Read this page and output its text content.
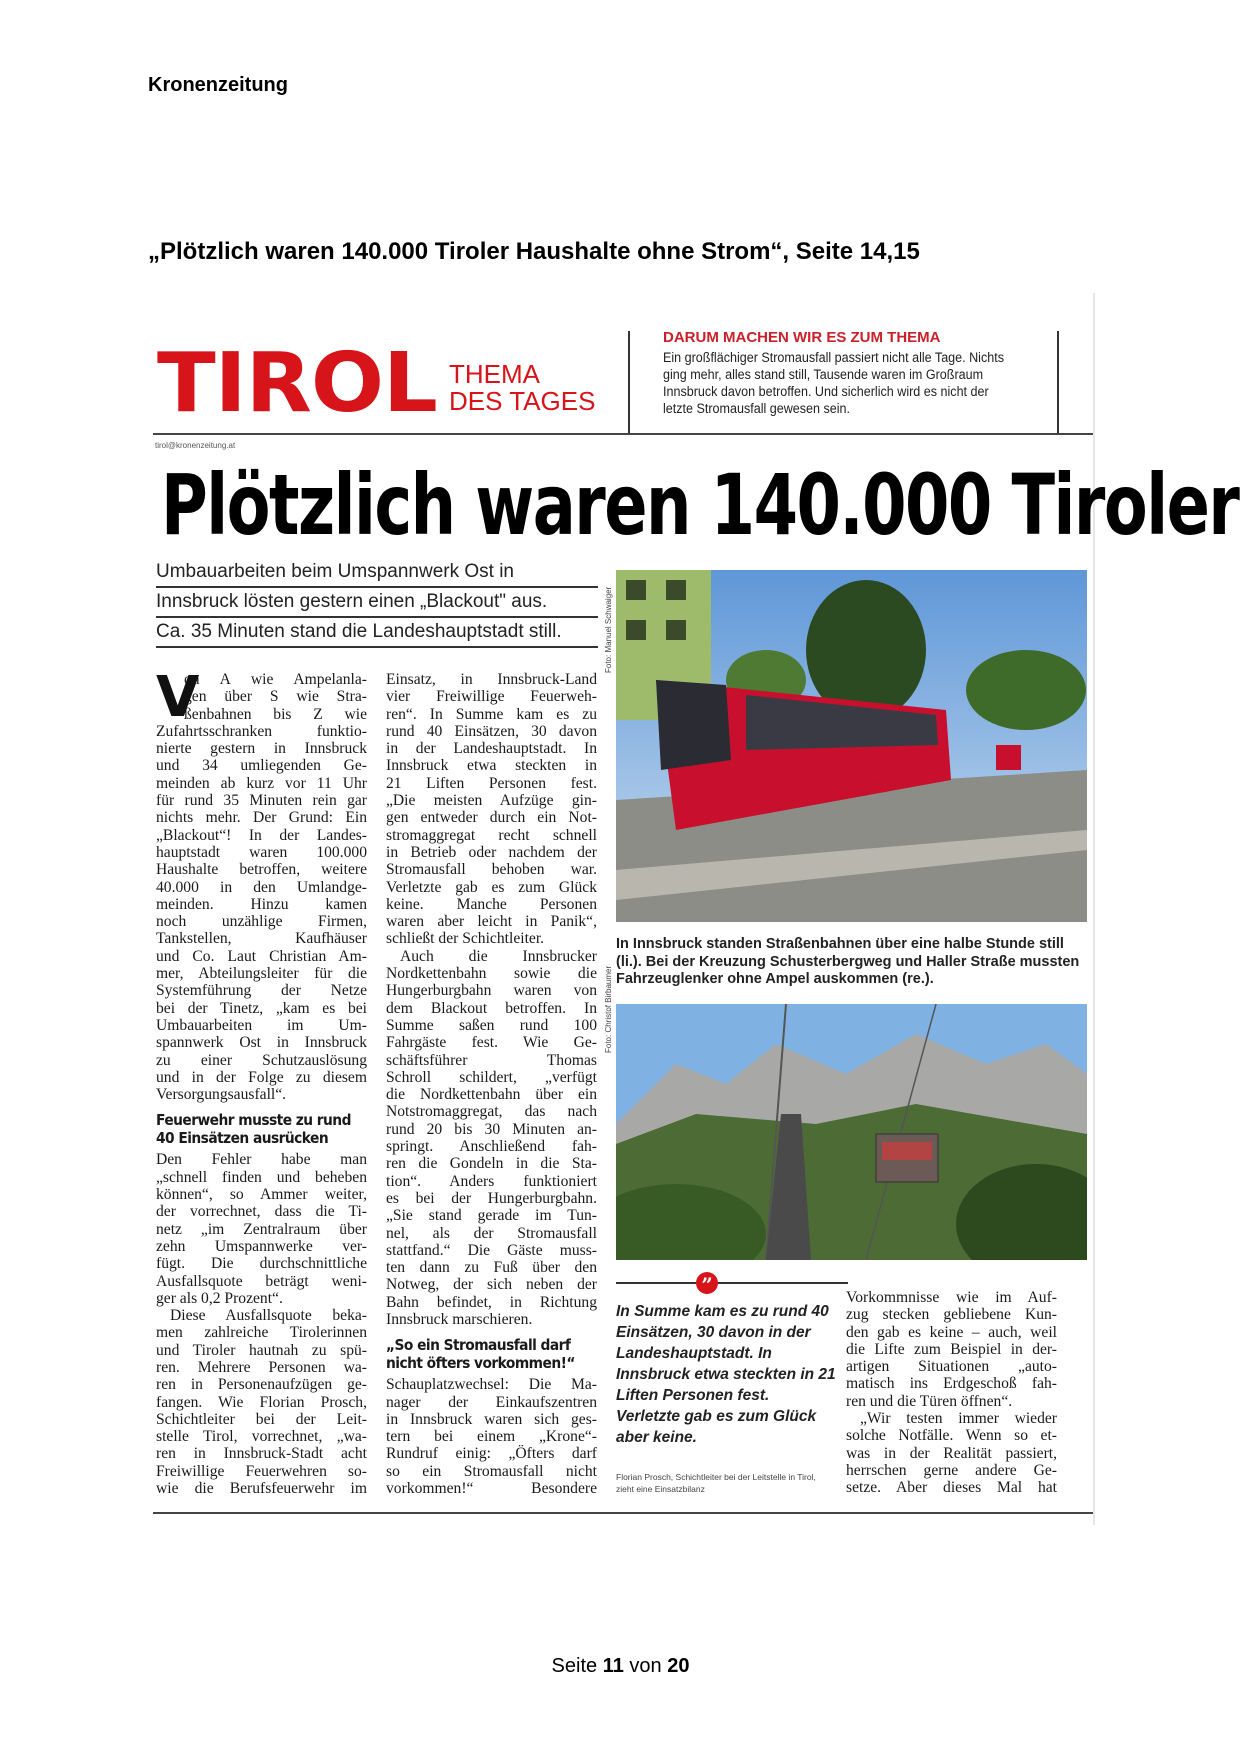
Kronenzeitung
„Plötzlich waren 140.000 Tiroler Haushalte ohne Strom“, Seite 14,15
TIROL THEMA
DES TAGES
DARUM MACHEN WIR ES ZUM THEMA
Ein großflächiger Stromausfall passiert nicht alle Tage. Nichts ging mehr, alles stand still, Tausende waren im Großraum Innsbruck davon betroffen. Und sicherlich wird es nicht der letzte Stromausfall gewesen sein.
tirol@kronenzeitung.at
Plötzlich waren 140.000 Tiroler
Umbauarbeiten beim Umspannwerk Ost in
Innsbruck lösten gestern einen „Blackout" aus.
Ca. 35 Minuten stand die Landeshauptstadt still.
V
on A wie Ampelanla-
gen über S wie Stra-
ßenbahnen bis Z wie
Zufahrtsschranken funktio-
nierte gestern in Innsbruck
und 34 umliegenden Ge-
meinden ab kurz vor 11 Uhr
für rund 35 Minuten rein gar
nichts mehr. Der Grund: Ein
„Blackout“! In der Landes-
hauptstadt waren 100.000
Haushalte betroffen, weitere
40.000 in den Umlandge-
meinden. Hinzu kamen
noch unzählige Firmen,
Tankstellen, Kaufhäuser
und Co. Laut Christian Am-
mer, Abteilungsleiter für die
Systemführung der Netze
bei der Tinetz, „kam es bei
Umbauarbeiten im Um-
spannwerk Ost in Innsbruck
zu einer Schutzauslösung
und in der Folge zu diesem
Versorgungsausfall“.
Feuerwehr musste zu rund
40 Einsätzen ausrücken
Den Fehler habe man
„schnell finden und beheben
können“, so Ammer weiter,
der vorrechnet, dass die Ti-
netz „im Zentralraum über
zehn Umspannwerke ver-
fügt. Die durchschnittliche
Ausfallsquote beträgt weni-
ger als 0,2 Prozent“.
Diese Ausfallsquote beka-
men zahlreiche Tirolerinnen
und Tiroler hautnah zu spü-
ren. Mehrere Personen wa-
ren in Personenaufzügen ge-
fangen. Wie Florian Prosch,
Schichtleiter bei der Leit-
stelle Tirol, vorrechnet, „wa-
ren in Innsbruck-Stadt acht
Freiwillige Feuerwehren so-
wie die Berufsfeuerwehr im
Einsatz, in Innsbruck-Land
vier Freiwillige Feuerweh-
ren“. In Summe kam es zu
rund 40 Einsätzen, 30 davon
in der Landeshauptstadt. In
Innsbruck etwa steckten in
21 Liften Personen fest.
„Die meisten Aufzüge gin-
gen entweder durch ein Not-
stromaggregat recht schnell
in Betrieb oder nachdem der
Stromausfall behoben war.
Verletzte gab es zum Glück
keine. Manche Personen
waren aber leicht in Panik“,
schließt der Schichtleiter.
Auch die Innsbrucker
Nordkettenbahn sowie die
Hungerburgbahn waren von
dem Blackout betroffen. In
Summe saßen rund 100
Fahrgäste fest. Wie Ge-
schäftsführer Thomas
Schroll schildert, „verfügt
die Nordkettenbahn über ein
Notstromaggregat, das nach
rund 20 bis 30 Minuten an-
springt. Anschließend fah-
ren die Gondeln in die Sta-
tion“. Anders funktioniert
es bei der Hungerburgbahn.
„Sie stand gerade im Tun-
nel, als der Stromausfall
stattfand.“ Die Gäste muss-
ten dann zu Fuß über den
Notweg, der sich neben der
Bahn befindet, in Richtung
Innsbruck marschieren.
„So ein Stromausfall darf
nicht öfters vorkommen!“
Schauplatzwechsel: Die Ma-
nager der Einkaufszentren
in Innsbruck waren sich ges-
tern bei einem „Krone“-
Rundruf einig: „Öfters darf
so ein Stromausfall nicht
vorkommen!“ Besondere
Vorkommnisse wie im Auf-
zug stecken gebliebene Kun-
den gab es keine – auch, weil
die Lifte zum Beispiel in der-
artigen Situationen „auto-
matisch ins Erdgeschoß fah-
ren und die Türen öffnen“.
„Wir testen immer wieder
solche Notfälle. Wenn so et-
was in der Realität passiert,
herrschen gerne andere Ge-
setze. Aber dieses Mal hat
Foto: Manuel Schwaiger
In Innsbruck standen Straßenbahnen über eine halbe Stunde still (li.). Bei der Kreuzung Schusterbergweg und Haller Straße mussten Fahrzeuglenker ohne Ampel auskommen (re.).
Foto: Christof Birbaumer
”
In Summe kam es zu rund 40 Einsätzen, 30 davon in der Landeshauptstadt. In Innsbruck etwa steckten in 21 Liften Personen fest. Verletzte gab es zum Glück aber keine.
Florian Prosch, Schichtleiter bei der Leitstelle in Tirol, zieht eine Einsatzbilanz
Seite 11 von 20
